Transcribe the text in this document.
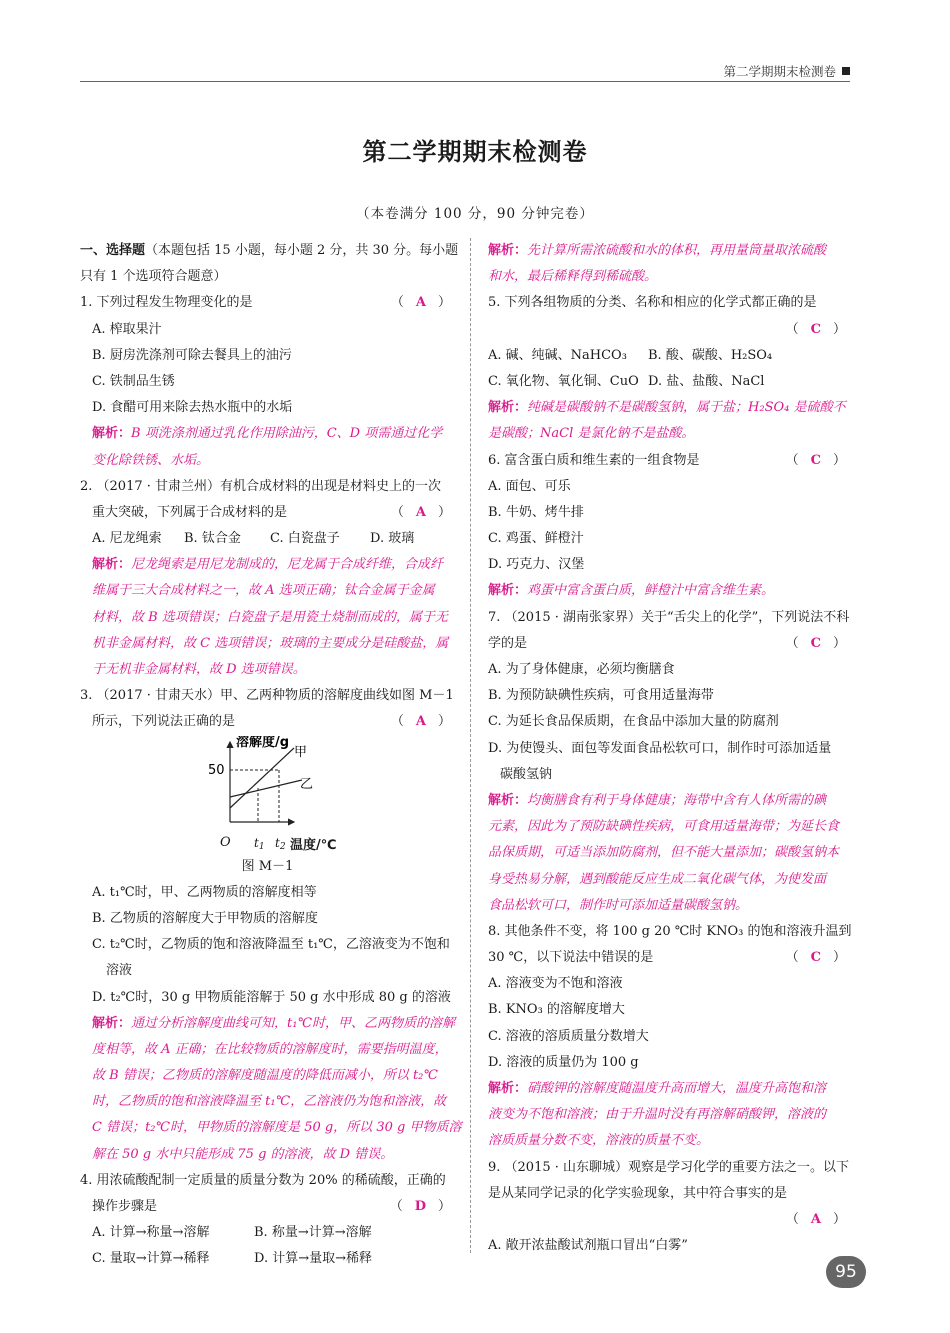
第二学期期末检测卷
第二学期期末检测卷
（本卷满分 100 分，90 分钟完卷）
一、选择题（本题包括 15 小题，每小题 2 分，共 30 分。每小题
只有 1 个选项符合题意）
1. 下列过程发生物理变化的是	（ A ）
A. 榨取果汁
B. 厨房洗涤剂可除去餐具上的油污
C. 铁制品生锈
D. 食醋可用来除去热水瓶中的水垢
解析：B 项洗涤剂通过乳化作用除油污，C、D 项需通过化学
变化除铁锈、水垢。
2. （2017 · 甘肃兰州）有机合成材料的出现是材料史上的一次
重大突破，下列属于合成材料的是	（ A ）
A. 尼龙绳索 B. 钛合金 C. 白瓷盘子 D. 玻璃
解析：尼龙绳索是用尼龙制成的，尼龙属于合成纤维，合成纤
维属于三大合成材料之一，故 A 选项正确；钛合金属于金属
材料，故 B 选项错误；白瓷盘子是用瓷土烧制而成的，属于无
机非金属材料，故 C 选项错误；玻璃的主要成分是硅酸盐，属
于无机非金属材料，故 D 选项错误。
3. （2017 · 甘肃天水）甲、乙两种物质的溶解度曲线如图 M－1
所示，下列说法正确的是	（ A ）
溶解度/g
甲
乙
50
O $t_1$ $t_2$ 温度/℃
图 M－1
A. t₁℃时，甲、乙两物质的溶解度相等
B. 乙物质的溶解度大于甲物质的溶解度
C. t₂℃时，乙物质的饱和溶液降温至 t₁℃，乙溶液变为不饱和
溶液
D. t₂℃时，30 g 甲物质能溶解于 50 g 水中形成 80 g 的溶液
解析：通过分析溶解度曲线可知，t₁℃时，甲、乙两物质的溶解
度相等，故 A 正确；在比较物质的溶解度时，需要指明温度，
故 B 错误；乙物质的溶解度随温度的降低而减小，所以 t₂℃
时，乙物质的饱和溶液降温至 t₁℃，乙溶液仍为饱和溶液，故
C 错误；t₂℃时，甲物质的溶解度是 50 g，所以 30 g 甲物质溶
解在 50 g 水中只能形成 75 g 的溶液，故 D 错误。
4. 用浓硫酸配制一定质量的质量分数为 20% 的稀硫酸，正确的
操作步骤是	（ D ）
A. 计算→称量→溶解	B. 称量→计算→溶解
C. 量取→计算→稀释	D. 计算→量取→稀释
解析：先计算所需浓硫酸和水的体积，再用量筒量取浓硫酸
和水，最后稀释得到稀硫酸。
5. 下列各组物质的分类、名称和相应的化学式都正确的是
（ C ）
A. 碱、纯碱、NaHCO₃ B. 酸、碳酸、H₂SO₄
C. 氧化物、氧化铜、CuO D. 盐、盐酸、NaCl
解析：纯碱是碳酸钠不是碳酸氢钠，属于盐；H₂SO₄ 是硫酸不
是碳酸；NaCl 是氯化钠不是盐酸。
6. 富含蛋白质和维生素的一组食物是	（ C ）
A. 面包、可乐
B. 牛奶、烤牛排
C. 鸡蛋、鲜橙汁
D. 巧克力、汉堡
解析：鸡蛋中富含蛋白质，鲜橙汁中富含维生素。
7. （2015 · 湖南张家界）关于“舌尖上的化学”，下列说法不科
学的是	（ C ）
A. 为了身体健康，必须均衡膳食
B. 为预防缺碘性疾病，可食用适量海带
C. 为延长食品保质期，在食品中添加大量的防腐剂
D. 为使馒头、面包等发面食品松软可口，制作时可添加适量
碳酸氢钠
解析：均衡膳食有利于身体健康；海带中含有人体所需的碘
元素，因此为了预防缺碘性疾病，可食用适量海带；为延长食
品保质期，可适当添加防腐剂，但不能大量添加；碳酸氢钠本
身受热易分解，遇到酸能反应生成二氧化碳气体，为使发面
食品松软可口，制作时可添加适量碳酸氢钠。
8. 其他条件不变，将 100 g 20 ℃时 KNO₃ 的饱和溶液升温到
30 ℃，以下说法中错误的是	（ C ）
A. 溶液变为不饱和溶液
B. KNO₃ 的溶解度增大
C. 溶液的溶质质量分数增大
D. 溶液的质量仍为 100 g
解析：硝酸钾的溶解度随温度升高而增大，温度升高饱和溶
液变为不饱和溶液；由于升温时没有再溶解硝酸钾，溶液的
溶质质量分数不变，溶液的质量不变。
9. （2015 · 山东聊城）观察是学习化学的重要方法之一。以下
是从某同学记录的化学实验现象，其中符合事实的是
（ A ）
A. 敞开浓盐酸试剂瓶口冒出“白雾”
95
